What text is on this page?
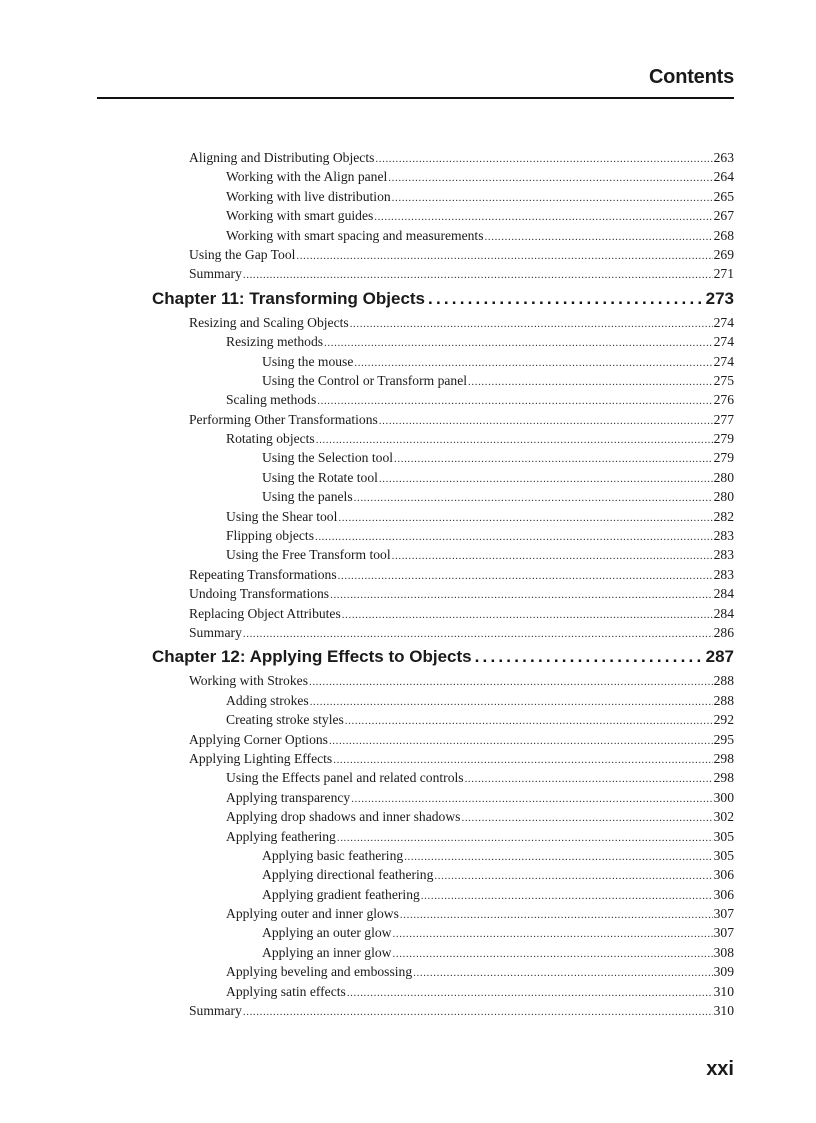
Contents
Aligning and Distributing Objects .....	263
Working with the Align panel .....	264
Working with live distribution .....	265
Working with smart guides .....	267
Working with smart spacing and measurements .....	268
Using the Gap Tool .....	269
Summary .....	271
Chapter 11: Transforming Objects .....	273
Resizing and Scaling Objects .....	274
Resizing methods .....	274
Using the mouse .....	274
Using the Control or Transform panel .....	275
Scaling methods .....	276
Performing Other Transformations .....	277
Rotating objects .....	279
Using the Selection tool .....	279
Using the Rotate tool .....	280
Using the panels .....	280
Using the Shear tool .....	282
Flipping objects .....	283
Using the Free Transform tool .....	283
Repeating Transformations .....	283
Undoing Transformations .....	284
Replacing Object Attributes .....	284
Summary .....	286
Chapter 12: Applying Effects to Objects .....	287
Working with Strokes .....	288
Adding strokes .....	288
Creating stroke styles .....	292
Applying Corner Options .....	295
Applying Lighting Effects .....	298
Using the Effects panel and related controls .....	298
Applying transparency .....	300
Applying drop shadows and inner shadows .....	302
Applying feathering .....	305
Applying basic feathering .....	305
Applying directional feathering .....	306
Applying gradient feathering .....	306
Applying outer and inner glows .....	307
Applying an outer glow .....	307
Applying an inner glow .....	308
Applying beveling and embossing .....	309
Applying satin effects .....	310
Summary .....	310
xxi
